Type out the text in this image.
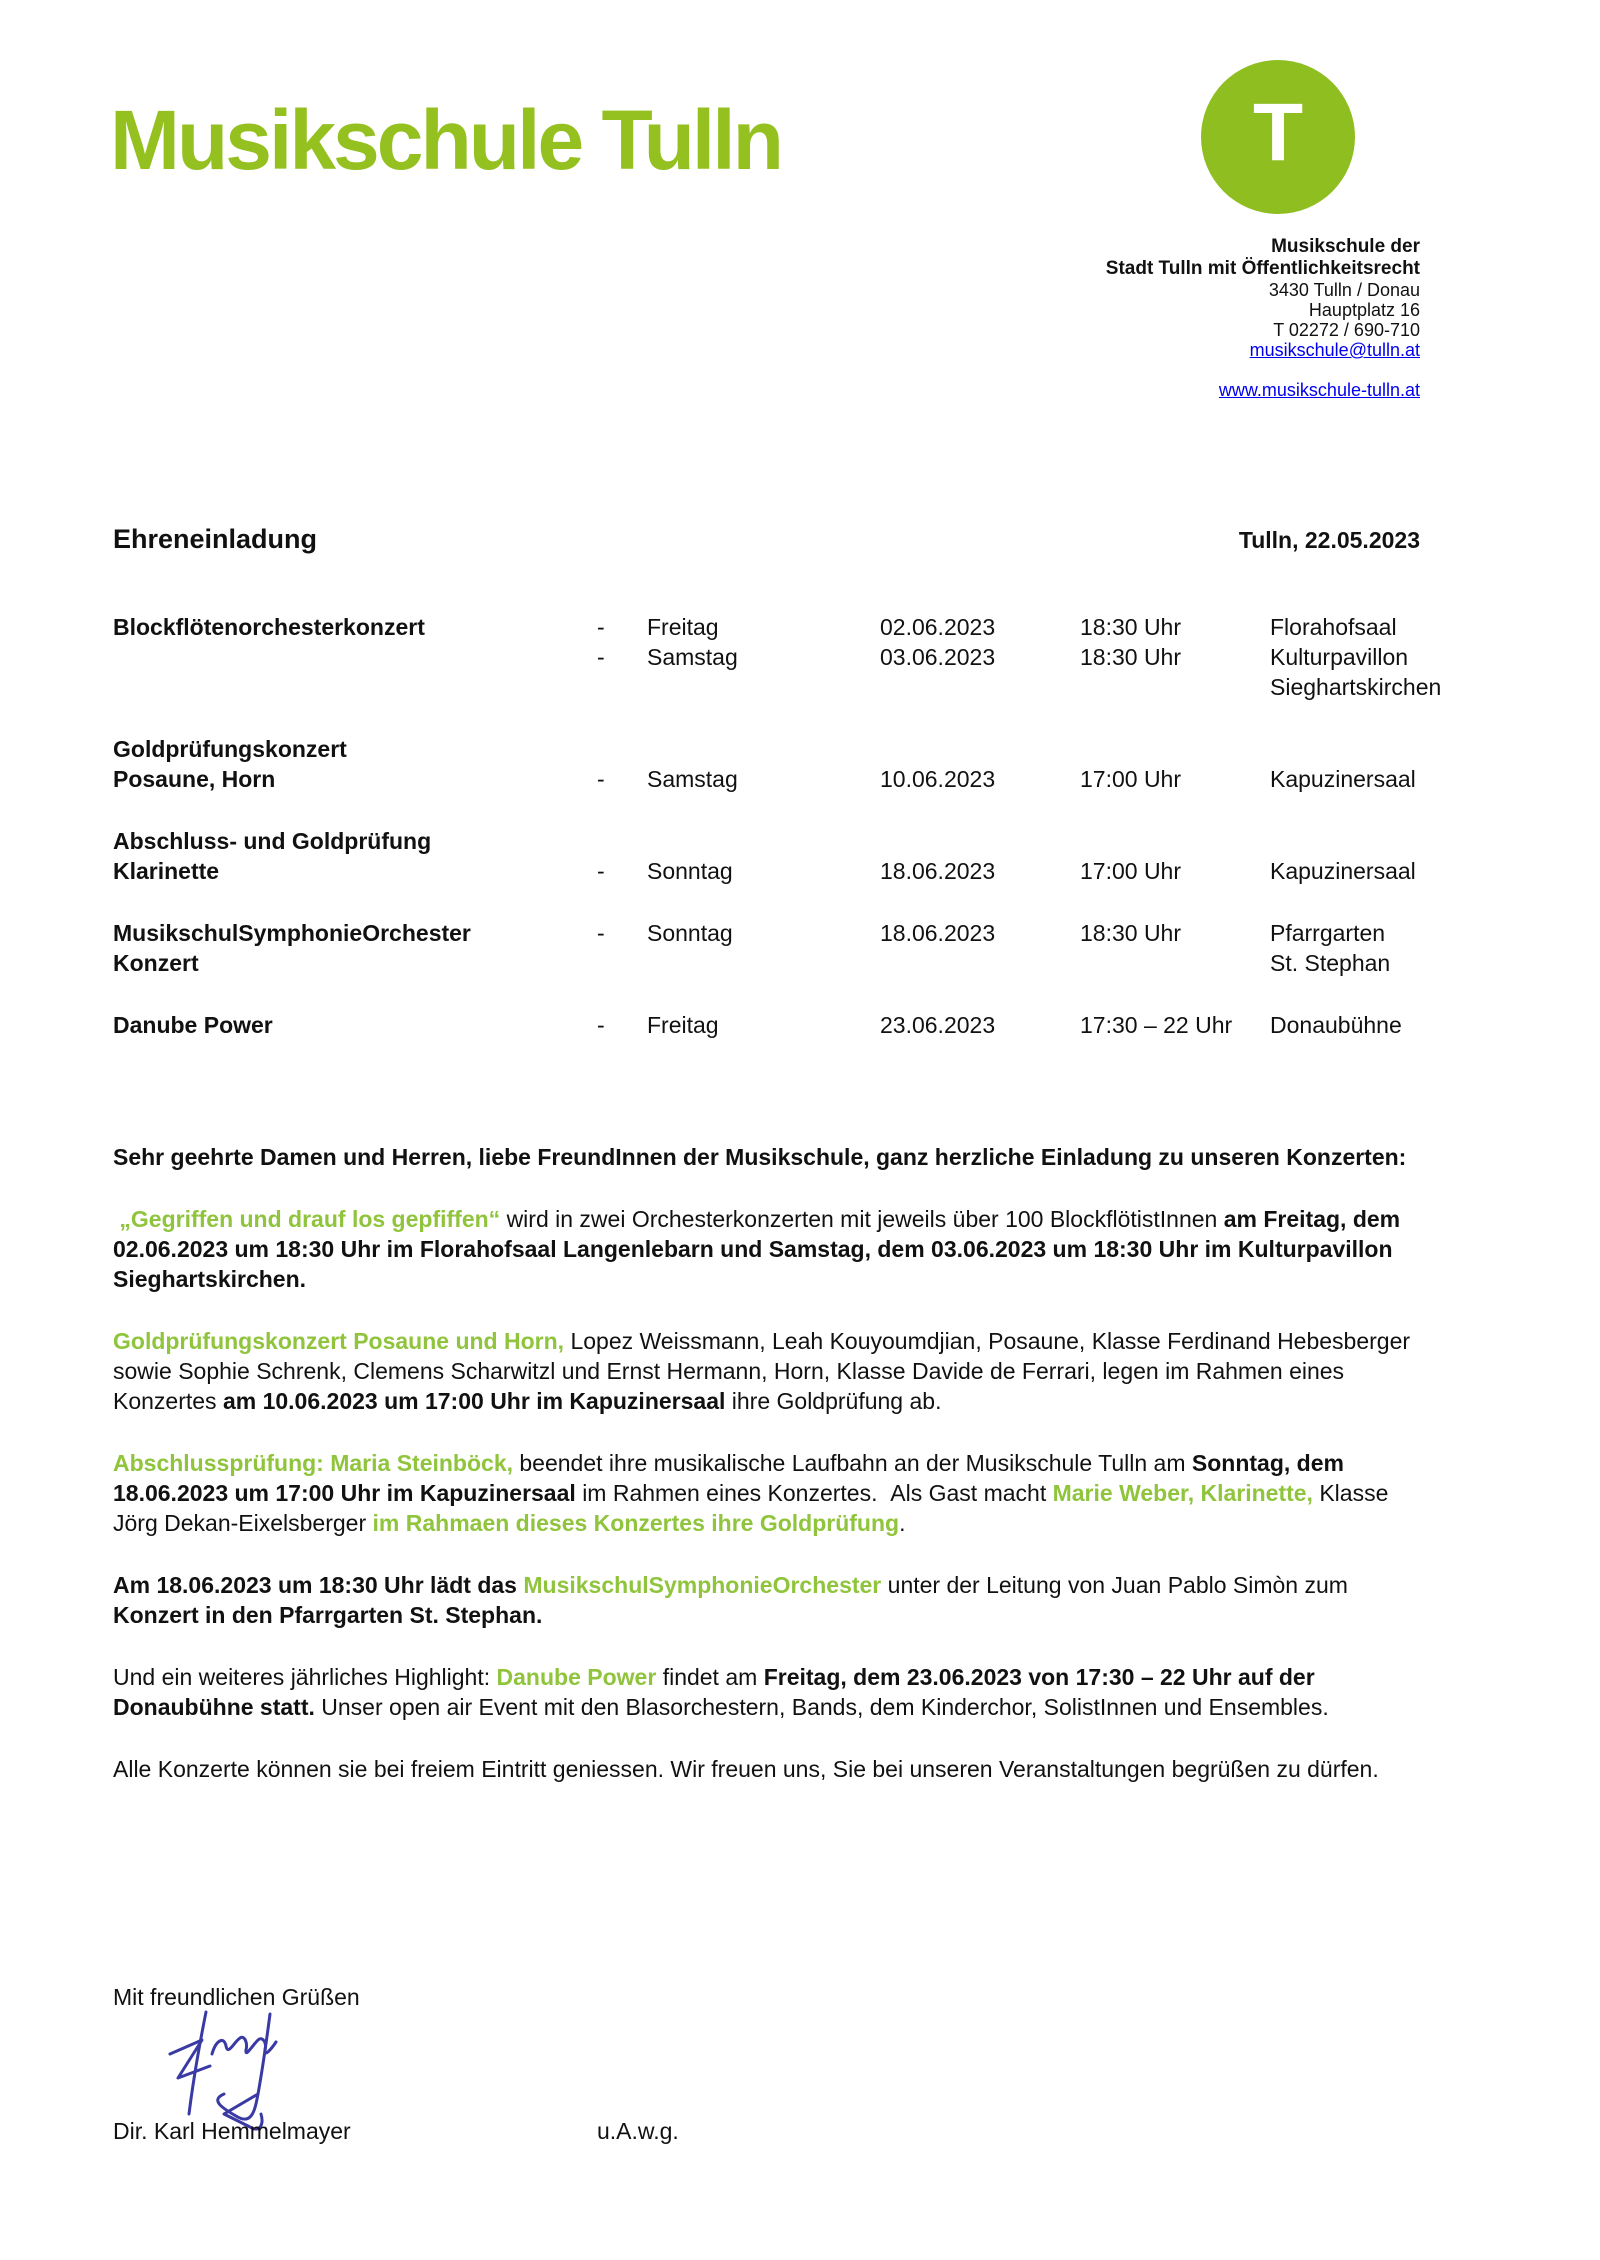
Musikschule Tulln	T
Musikschule der
Stadt Tulln mit Öffentlichkeitsrecht
3430 Tulln / Donau
Hauptplatz 16
T 02272 / 690-710
musikschule@tulln.at
www.musikschule-tulln.at
Ehreneinladung	Tulln, 22.05.2023
Blockflötenorchesterkonzert	-	Freitag	02.06.2023	18:30 Uhr	Florahofsaal
-	Samstag	03.06.2023	18:30 Uhr	Kulturpavillon
Sieghartskirchen
Goldprüfungskonzert
Posaune, Horn	-	Samstag	10.06.2023	17:00 Uhr	Kapuzinersaal
Abschluss- und Goldprüfung
Klarinette	-	Sonntag	18.06.2023	17:00 Uhr	Kapuzinersaal
MusikschulSymphonieOrchester	-	Sonntag	18.06.2023	18:30 Uhr	Pfarrgarten
Konzert	St. Stephan
Danube Power	-	Freitag	23.06.2023	17:30 – 22 Uhr	Donaubühne

Sehr geehrte Damen und Herren, liebe FreundInnen der Musikschule, ganz herzliche Einladung zu unseren Konzerten:

„Gegriffen und drauf los gepfiffen“ wird in zwei Orchesterkonzerten mit jeweils über 100 BlockflötistInnen am Freitag, dem 02.06.2023 um 18:30 Uhr im Florahofsaal Langenlebarn und Samstag, dem 03.06.2023 um 18:30 Uhr im Kulturpavillon Sieghartskirchen.

Goldprüfungskonzert Posaune und Horn, Lopez Weissmann, Leah Kouyoumdjian, Posaune, Klasse Ferdinand Hebesberger sowie Sophie Schrenk, Clemens Scharwitzl und Ernst Hermann, Horn, Klasse Davide de Ferrari, legen im Rahmen eines Konzertes am 10.06.2023 um 17:00 Uhr im Kapuzinersaal ihre Goldprüfung ab.

Abschlussprüfung: Maria Steinböck, beendet ihre musikalische Laufbahn an der Musikschule Tulln am Sonntag, dem 18.06.2023 um 17:00 Uhr im Kapuzinersaal im Rahmen eines Konzertes.  Als Gast macht Marie Weber, Klarinette, Klasse Jörg Dekan-Eixelsberger im Rahmaen dieses Konzertes ihre Goldprüfung.

Am 18.06.2023 um 18:30 Uhr lädt das MusikschulSymphonieOrchester unter der Leitung von Juan Pablo Simòn zum Konzert in den Pfarrgarten St. Stephan.

Und ein weiteres jährliches Highlight: Danube Power findet am Freitag, dem 23.06.2023 von 17:30 – 22 Uhr auf der Donaubühne statt. Unser open air Event mit den Blasorchestern, Bands, dem Kinderchor, SolistInnen und Ensembles.

Alle Konzerte können sie bei freiem Eintritt geniessen. Wir freuen uns, Sie bei unseren Veranstaltungen begrüßen zu dürfen.

Mit freundlichen Grüßen
Dir. Karl Hemmelmayer	u.A.w.g.
